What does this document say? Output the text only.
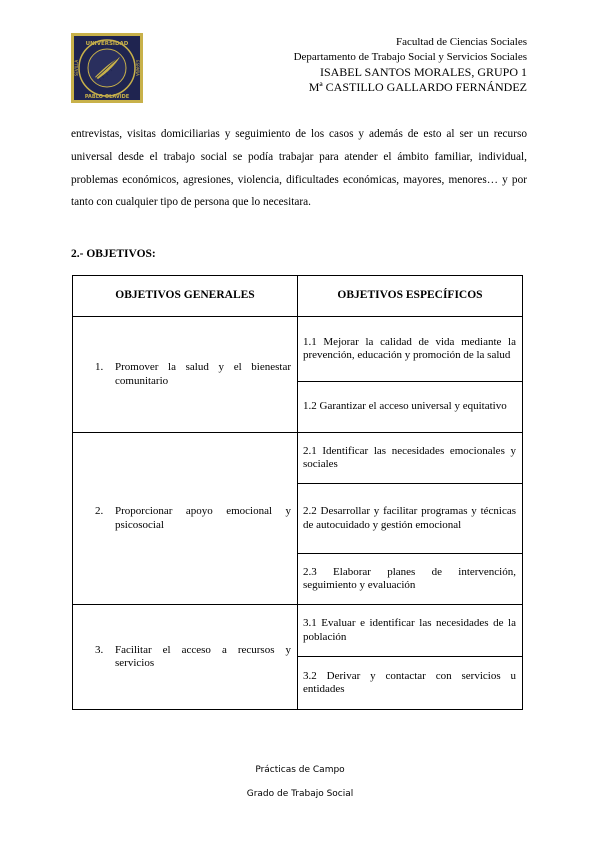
UNIVERSIDAD
PABLO·OLAVIDE
SEVILLA	ESPAÑA
Facultad de Ciencias Sociales
Departamento de Trabajo Social y Servicios Sociales
ISABEL SANTOS MORALES, GRUPO 1
Mª CASTILLO GALLARDO FERNÁNDEZ
entrevistas, visitas domiciliarias y seguimiento de los casos y además de esto al ser un recurso universal desde el trabajo social se podía trabajar para atender el ámbito familiar, individual, problemas económicos, agresiones, violencia, dificultades económicas, mayores, menores… y por tanto con cualquier tipo de persona que lo necesitara.
2.- OBJETIVOS:
OBJETIVOS GENERALES	OBJETIVOS ESPECÍFICOS

1. Promover la salud y el bienestar comunitario	1.1 Mejorar la calidad de vida mediante la prevención, educación y promoción de la salud

	1.2 Garantizar el acceso universal y equitativo

2. Proporcionar apoyo emocional y psicosocial	2.1 Identificar las necesidades emocionales y sociales

	2.2 Desarrollar y facilitar programas y técnicas de autocuidado y gestión emocional

	2.3 Elaborar planes de intervención, seguimiento y evaluación

3. Facilitar el acceso a recursos y servicios	3.1 Evaluar e identificar las necesidades de la población

	3.2 Derivar y contactar con servicios u entidades
Prácticas de Campo
Grado de Trabajo Social
